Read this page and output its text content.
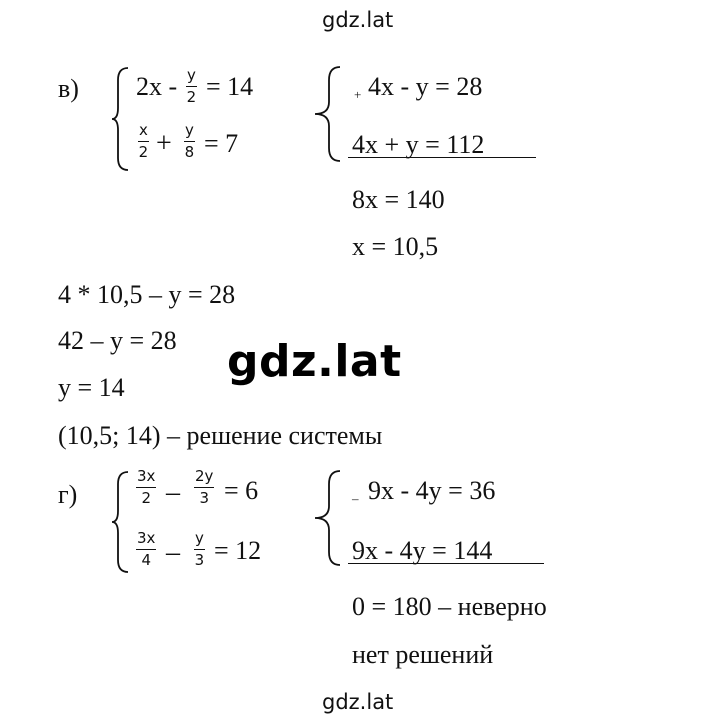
gdz.lat
gdz.lat
gdz.lat
в) $2x - \frac{y}{2} = 14$
$\frac{x}{2} + \frac{y}{8} = 7$
+ 4x - y = 28
4x + y = 112
8x = 140
x = 10,5
4 * 10,5 – y = 28
42 – y = 28
y = 14
(10,5; 14) – решение системы
г)	$\frac{3x}{2} - \frac{2y}{3} = 6$
$\frac{3x}{4} - \frac{y}{3} = 12$
– 9x - 4y = 36
9x - 4y = 144
0 = 180 – неверно
нет решений
